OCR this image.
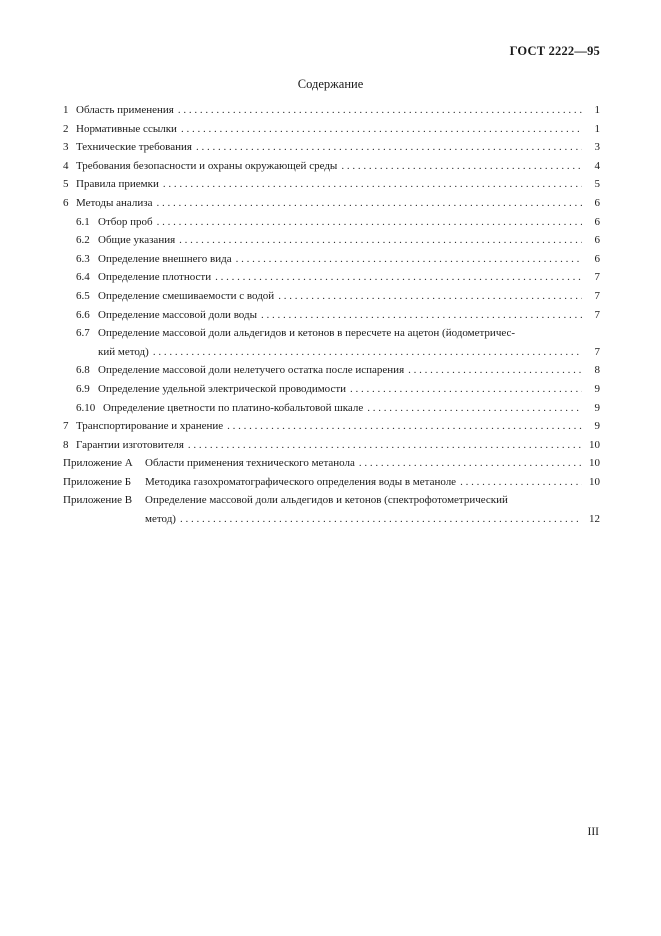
ГОСТ 2222—95
Содержание
1 Область применения . . .	1
2 Нормативные ссылки . . .	1
3 Технические требования . . .	3
4 Требования безопасности и охраны окружающей среды . . .	4
5 Правила приемки . . .	5
6 Методы анализа . . .	6
6.1 Отбор проб . . .	6
6.2 Общие указания . . .	6
6.3 Определение внешнего вида . . .	6
6.4 Определение плотности . . .	7
6.5 Определение смешиваемости с водой . . .	7
6.6 Определение массовой доли воды . . .	7
6.7 Определение массовой доли альдегидов и кетонов в пересчете на ацетон (йодометричес-
кий метод) . . .	7
6.8 Определение массовой доли нелетучего остатка после испарения . . .	8
6.9 Определение удельной электрической проводимости . . .	9
6.10 Определение цветности по платино-кобальтовой шкале . . .	9
7 Транспортирование и хранение . . .	9
8 Гарантии изготовителя . . .	10
Приложение А	Области применения технического метанола . . .	10
Приложение Б	Методика газохроматографического определения воды в метаноле . . .	10
Приложение В	Определение массовой доли альдегидов и кетонов (спектрофотометрический
метод) . . .	12
III
